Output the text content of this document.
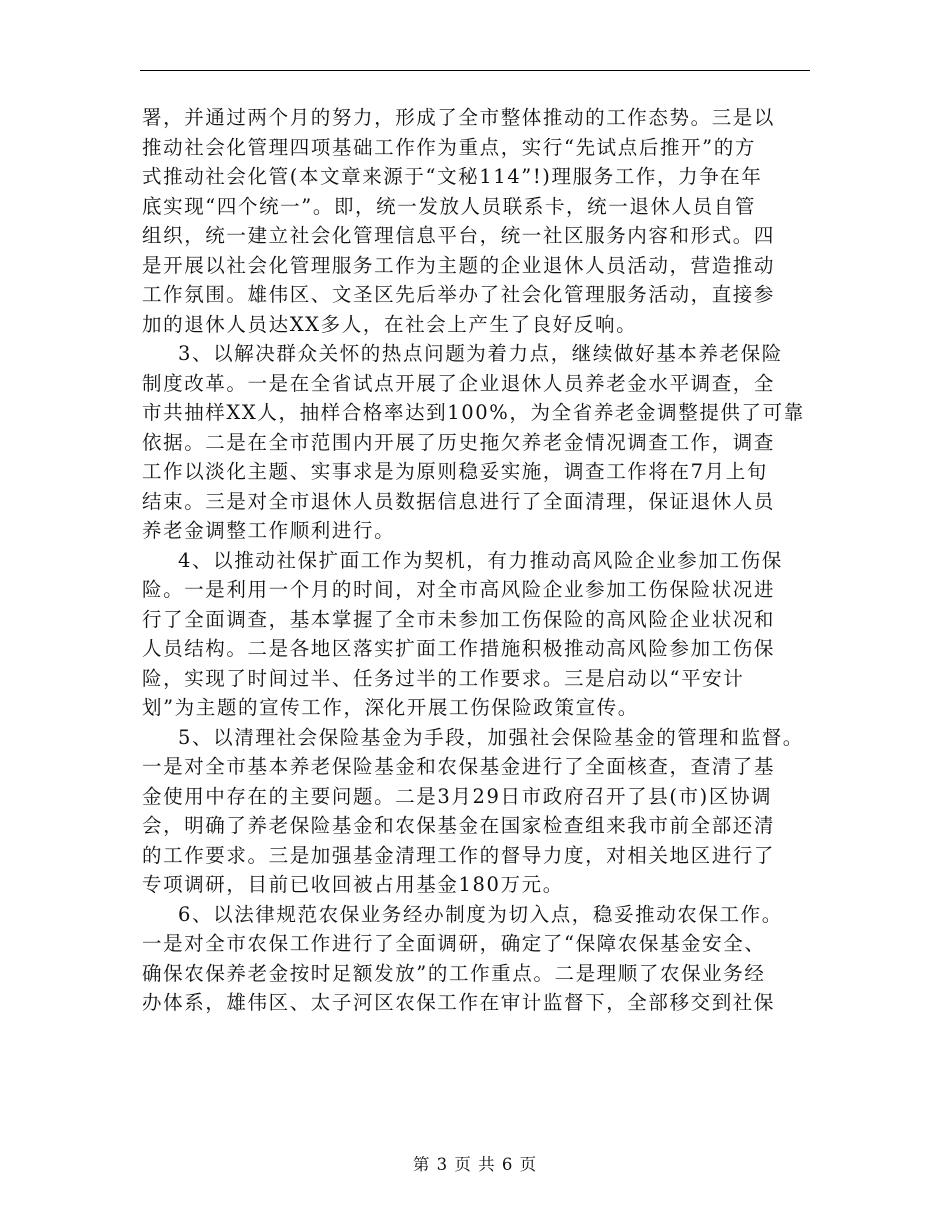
署，并通过两个月的努力，形成了全市整体推动的工作态势。三是以
推动社会化管理四项基础工作作为重点，实行“先试点后推开”的方
式推动社会化管(本文章来源于“文秘114”!)理服务工作，力争在年
底实现“四个统一”。即，统一发放人员联系卡，统一退休人员自管
组织，统一建立社会化管理信息平台，统一社区服务内容和形式。四
是开展以社会化管理服务工作为主题的企业退休人员活动，营造推动
工作氛围。雄伟区、文圣区先后举办了社会化管理服务活动，直接参
加的退休人员达XX多人，在社会上产生了良好反响。
3、以解决群众关怀的热点问题为着力点，继续做好基本养老保险
制度改革。一是在全省试点开展了企业退休人员养老金水平调查，全
市共抽样XX人，抽样合格率达到100%，为全省养老金调整提供了可靠
依据。二是在全市范围内开展了历史拖欠养老金情况调查工作，调查
工作以淡化主题、实事求是为原则稳妥实施，调查工作将在7月上旬
结束。三是对全市退休人员数据信息进行了全面清理，保证退休人员
养老金调整工作顺利进行。
4、以推动社保扩面工作为契机，有力推动高风险企业参加工伤保
险。一是利用一个月的时间，对全市高风险企业参加工伤保险状况进
行了全面调查，基本掌握了全市未参加工伤保险的高风险企业状况和
人员结构。二是各地区落实扩面工作措施积极推动高风险参加工伤保
险，实现了时间过半、任务过半的工作要求。三是启动以“平安计
划”为主题的宣传工作，深化开展工伤保险政策宣传。
5、以清理社会保险基金为手段，加强社会保险基金的管理和监督。
一是对全市基本养老保险基金和农保基金进行了全面核查，查清了基
金使用中存在的主要问题。二是3月29日市政府召开了县(市)区协调
会，明确了养老保险基金和农保基金在国家检查组来我市前全部还清
的工作要求。三是加强基金清理工作的督导力度，对相关地区进行了
专项调研，目前已收回被占用基金180万元。
6、以法律规范农保业务经办制度为切入点，稳妥推动农保工作。
一是对全市农保工作进行了全面调研，确定了“保障农保基金安全、
确保农保养老金按时足额发放”的工作重点。二是理顺了农保业务经
办体系，雄伟区、太子河区农保工作在审计监督下，全部移交到社保
第 3 页 共 6 页
